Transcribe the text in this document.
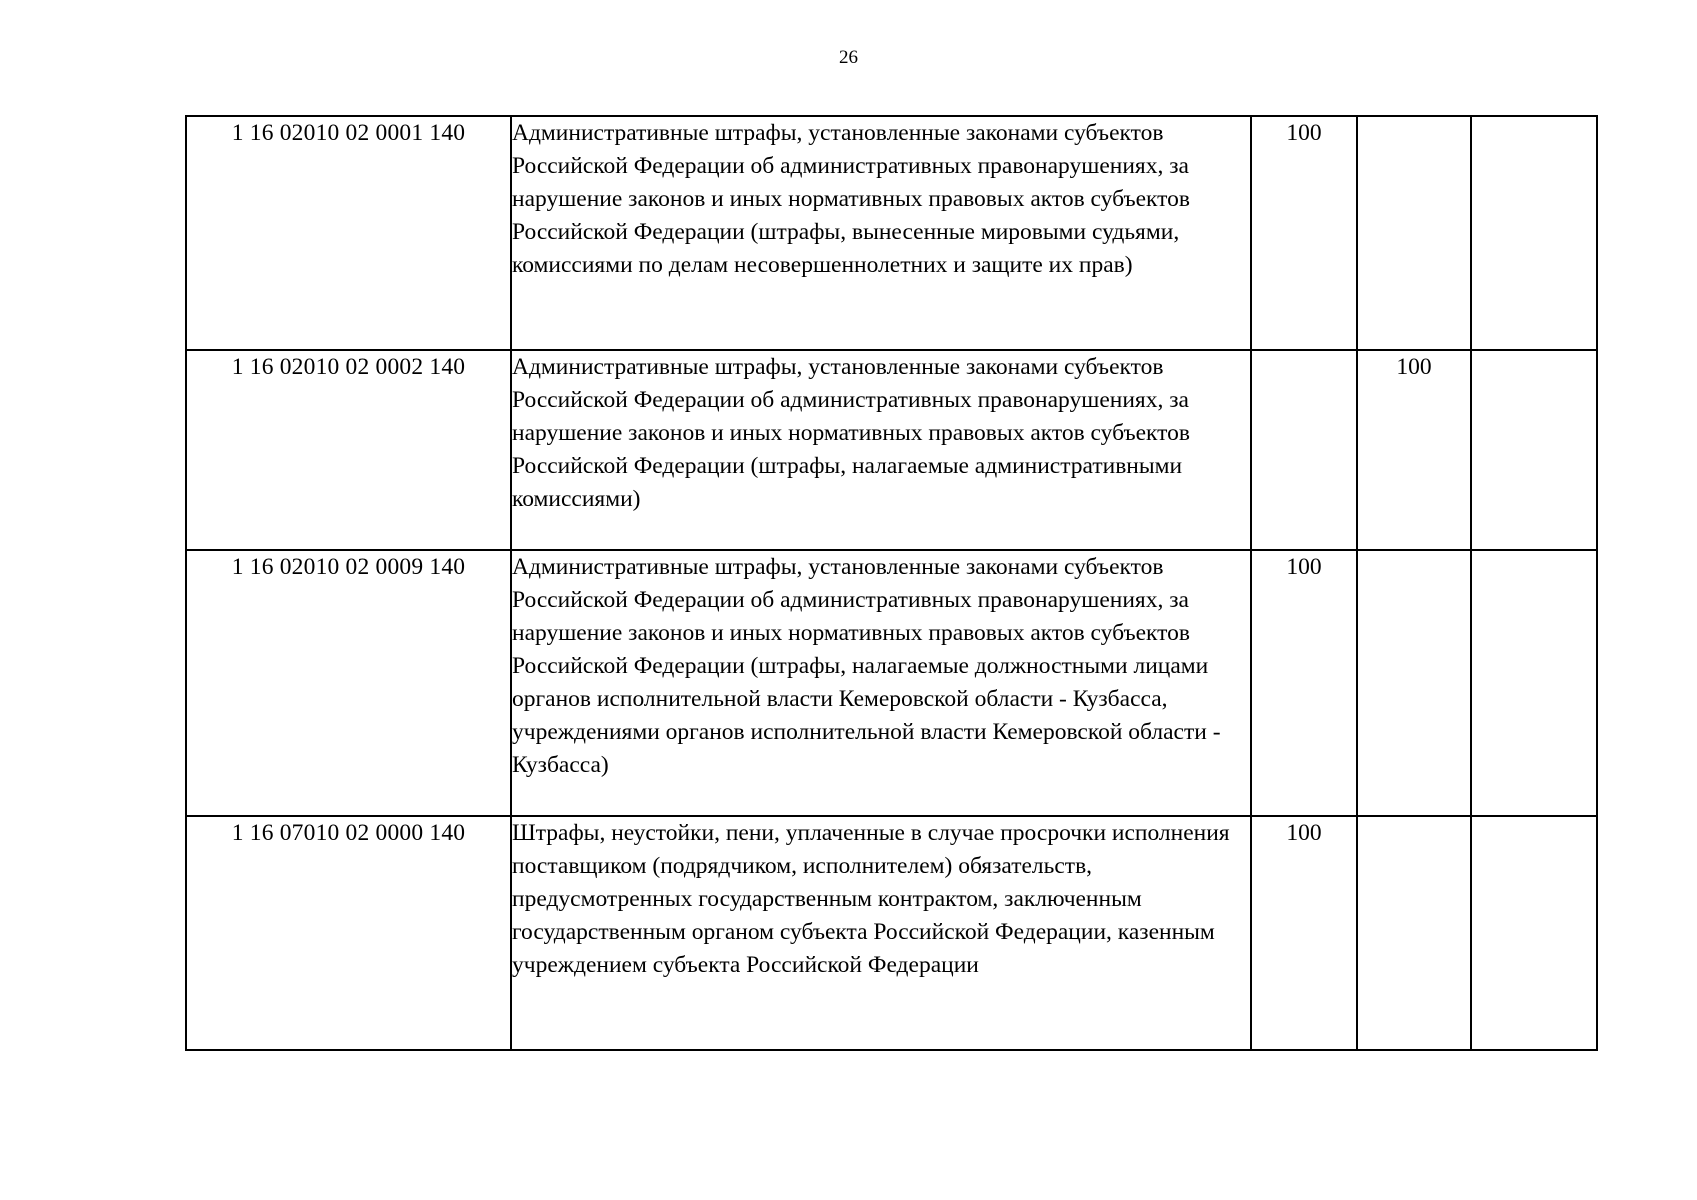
26
1 16 02010 02 0001 140	Административные штрафы, установленные законами субъектов Российской Федерации об административных правонарушениях, за нарушение законов и иных нормативных правовых актов субъектов Российской Федерации (штрафы, вынесенные мировыми судьями, комиссиями по делам несовершеннолетних и защите их прав)	100		
1 16 02010 02 0002 140	Административные штрафы, установленные законами субъектов Российской Федерации об административных правонарушениях, за нарушение законов и иных нормативных правовых актов субъектов Российской Федерации (штрафы, налагаемые административными комиссиями)		100	
1 16 02010 02 0009 140	Административные штрафы, установленные законами субъектов Российской Федерации об административных правонарушениях, за нарушение законов и иных нормативных правовых актов субъектов Российской Федерации (штрафы, налагаемые должностными лицами органов исполнительной власти Кемеровской области - Кузбасса, учреждениями органов исполнительной власти Кемеровской области - Кузбасса)	100		
1 16 07010 02 0000 140	Штрафы, неустойки, пени, уплаченные в случае просрочки исполнения поставщиком (подрядчиком, исполнителем) обязательств, предусмотренных государственным контрактом, заключенным государственным органом субъекта Российской Федерации, казенным учреждением субъекта Российской Федерации	100		
